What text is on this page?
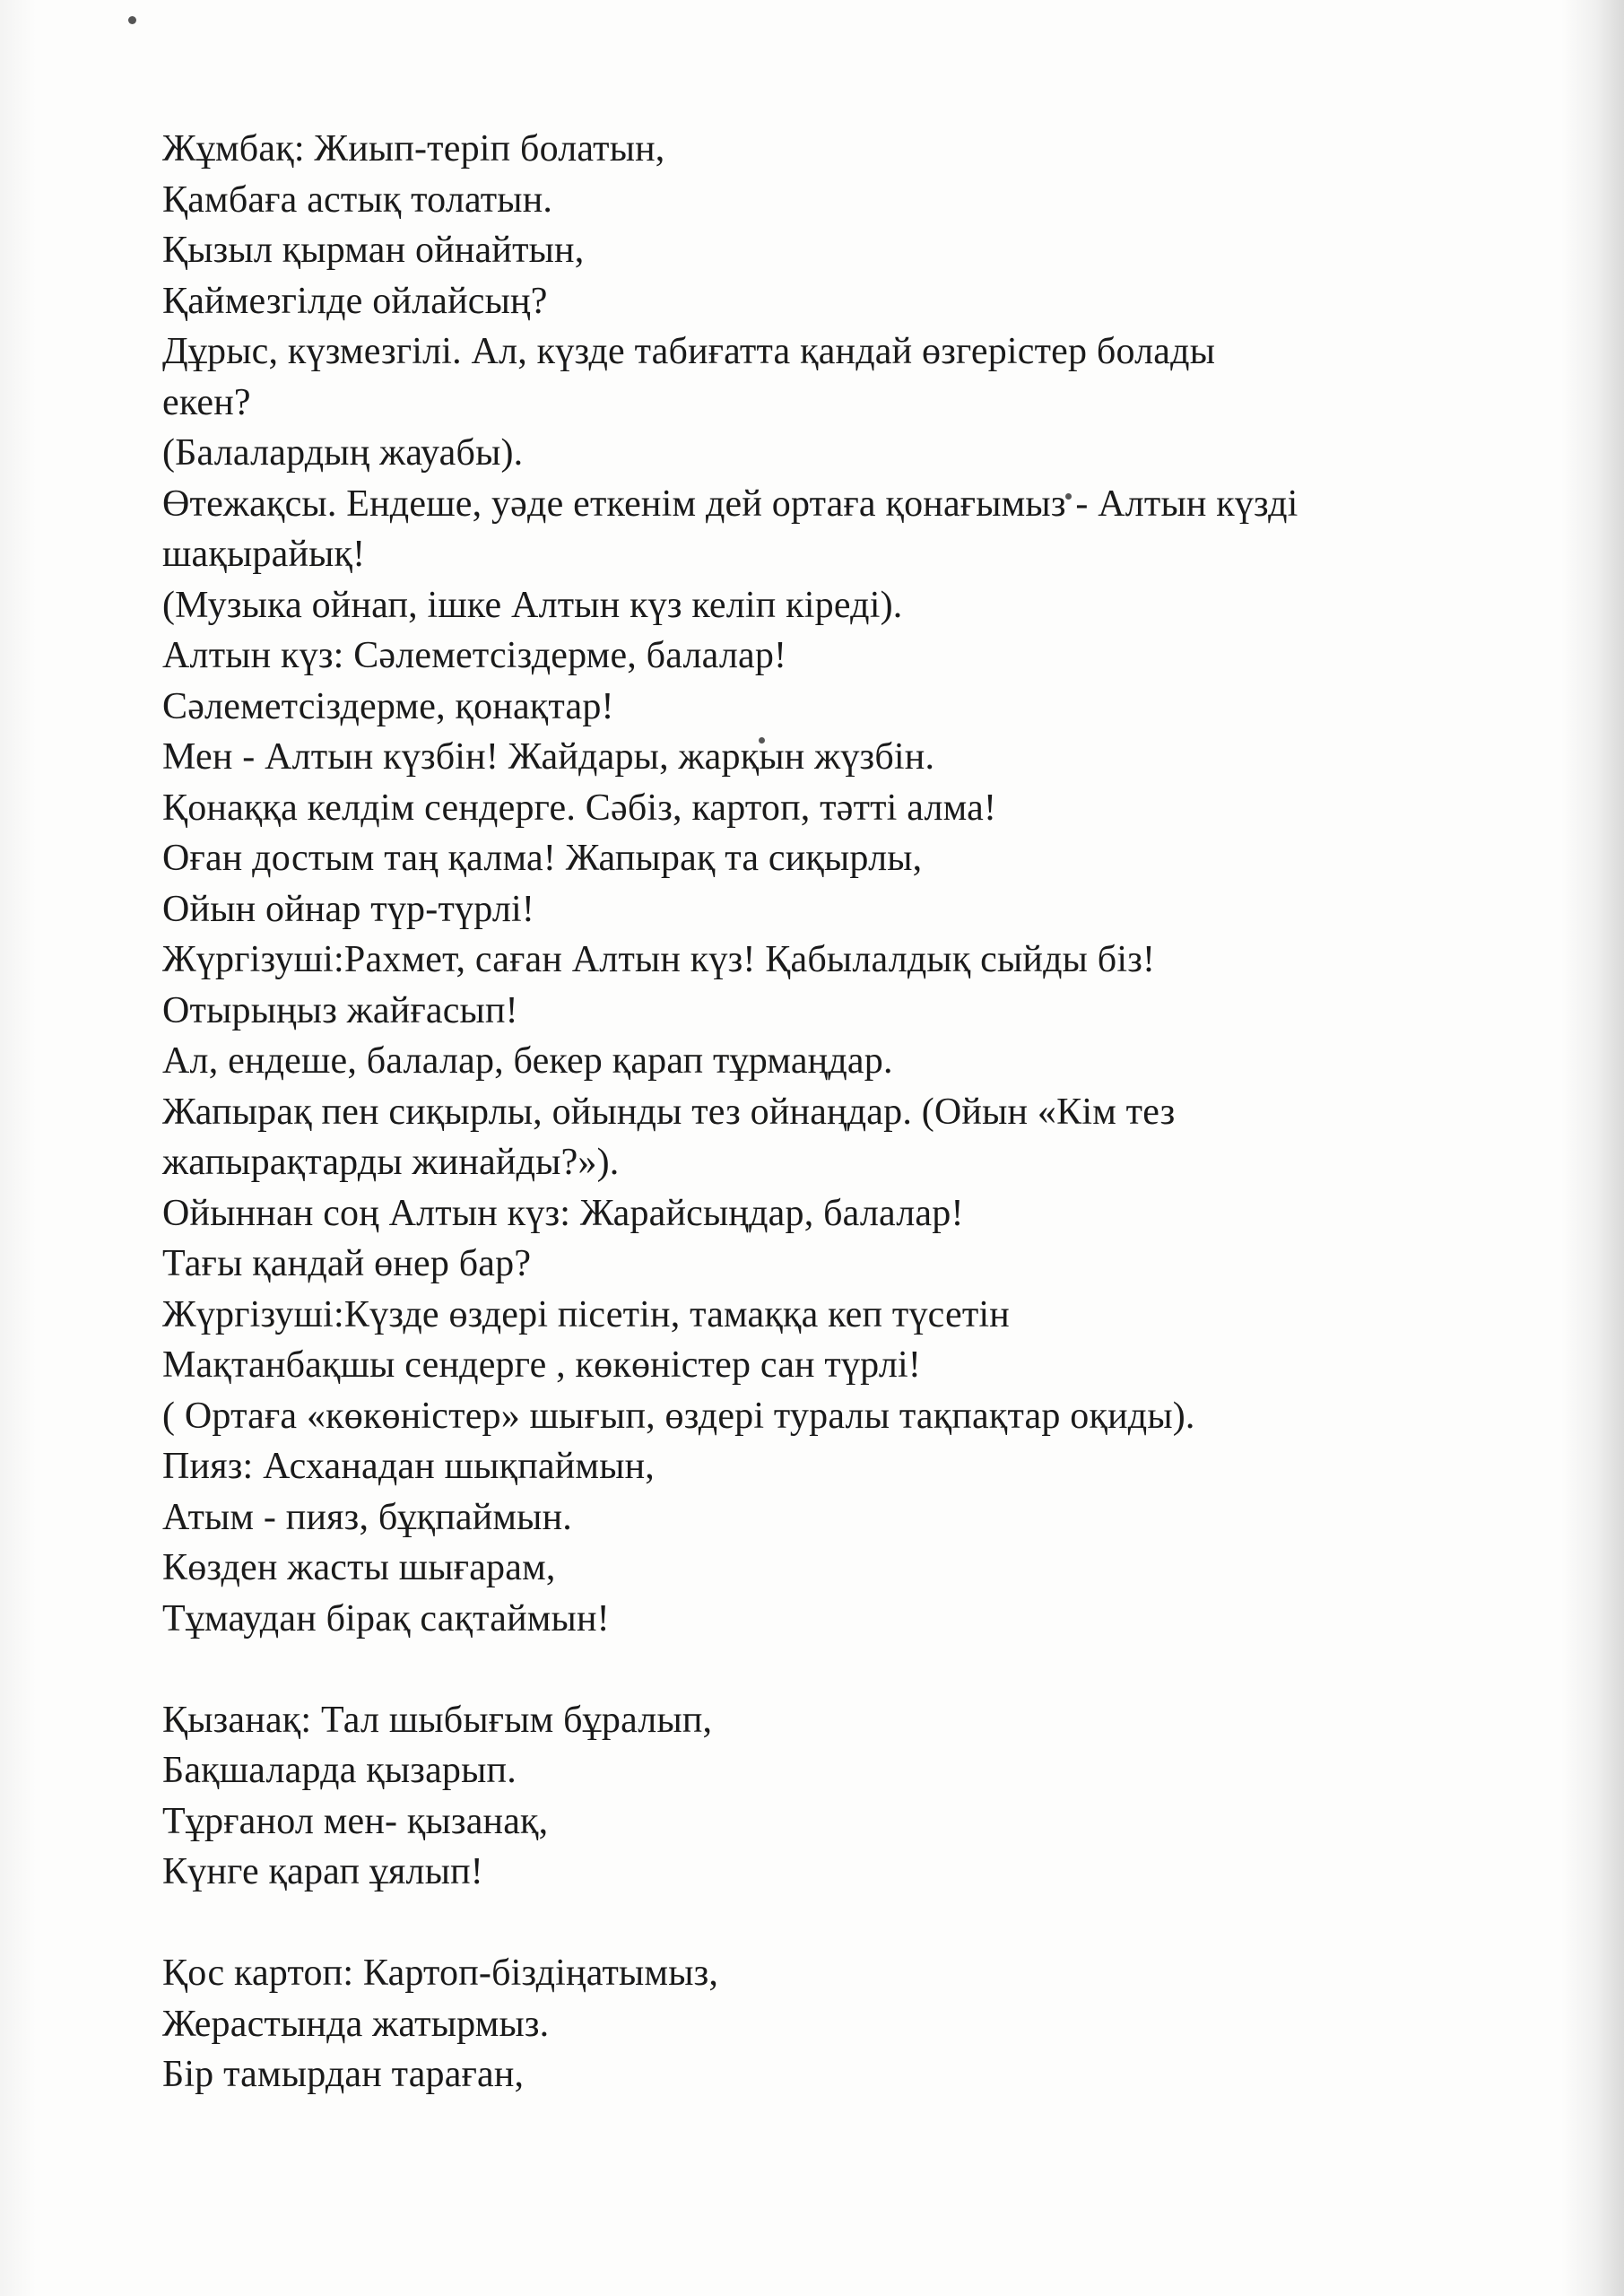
Жұмбақ: Жиып-теріп болатын,
Қамбаға астық толатын.
Қызыл қырман ойнайтын,
Қаймезгілде ойлайсың?
Дұрыс, күзмезгілі. Ал, күзде табиғатта қандай өзгерістер болады
екен?
(Балалардың жауабы).
Өтежақсы. Ендеше, уәде еткенім дей ортаға қонағымыз - Алтын күзді
шақырайық!
(Музыка ойнап, ішке Алтын күз келіп кіреді).
Алтын күз: Сәлеметсіздерме, балалар!
Сәлеметсіздерме, қонақтар!
Мен - Алтын күзбін! Жайдары, жарқын жүзбін.
Қонаққа келдім сендерге. Сәбіз, картоп, тәтті алма!
Оған достым таң қалма! Жапырақ та сиқырлы,
Ойын ойнар түр-түрлі!
Жүргізуші:Рахмет, саған Алтын күз! Қабылалдық сыйды біз!
Отырыңыз жайғасып!
Ал, ендеше, балалар, бекер қарап тұрмаңдар.
Жапырақ пен сиқырлы, ойынды тез ойнаңдар. (Ойын «Кім тез
жапырақтарды жинайды?»).
Ойыннан соң Алтын күз: Жарайсыңдар, балалар!
Тағы қандай өнер бар?
Жүргізуші:Күзде өздері пісетін, тамаққа кеп түсетін
Мақтанбақшы сендерге , көкөністер сан түрлі!
( Ортаға «көкөністер» шығып, өздері туралы тақпақтар оқиды).
Пияз: Асханадан шықпаймын,
Атым - пияз, бұқпаймын.
Көзден жасты шығарам,
Тұмаудан бірақ сақтаймын!
Қызанақ: Тал шыбығым бұралып,
Бақшаларда қызарып.
Тұрғанол мен- қызанақ,
Күнге қарап ұялып!
Қос картоп: Картоп-біздіңатымыз,
Жерастында жатырмыз.
Бір тамырдан тараған,
